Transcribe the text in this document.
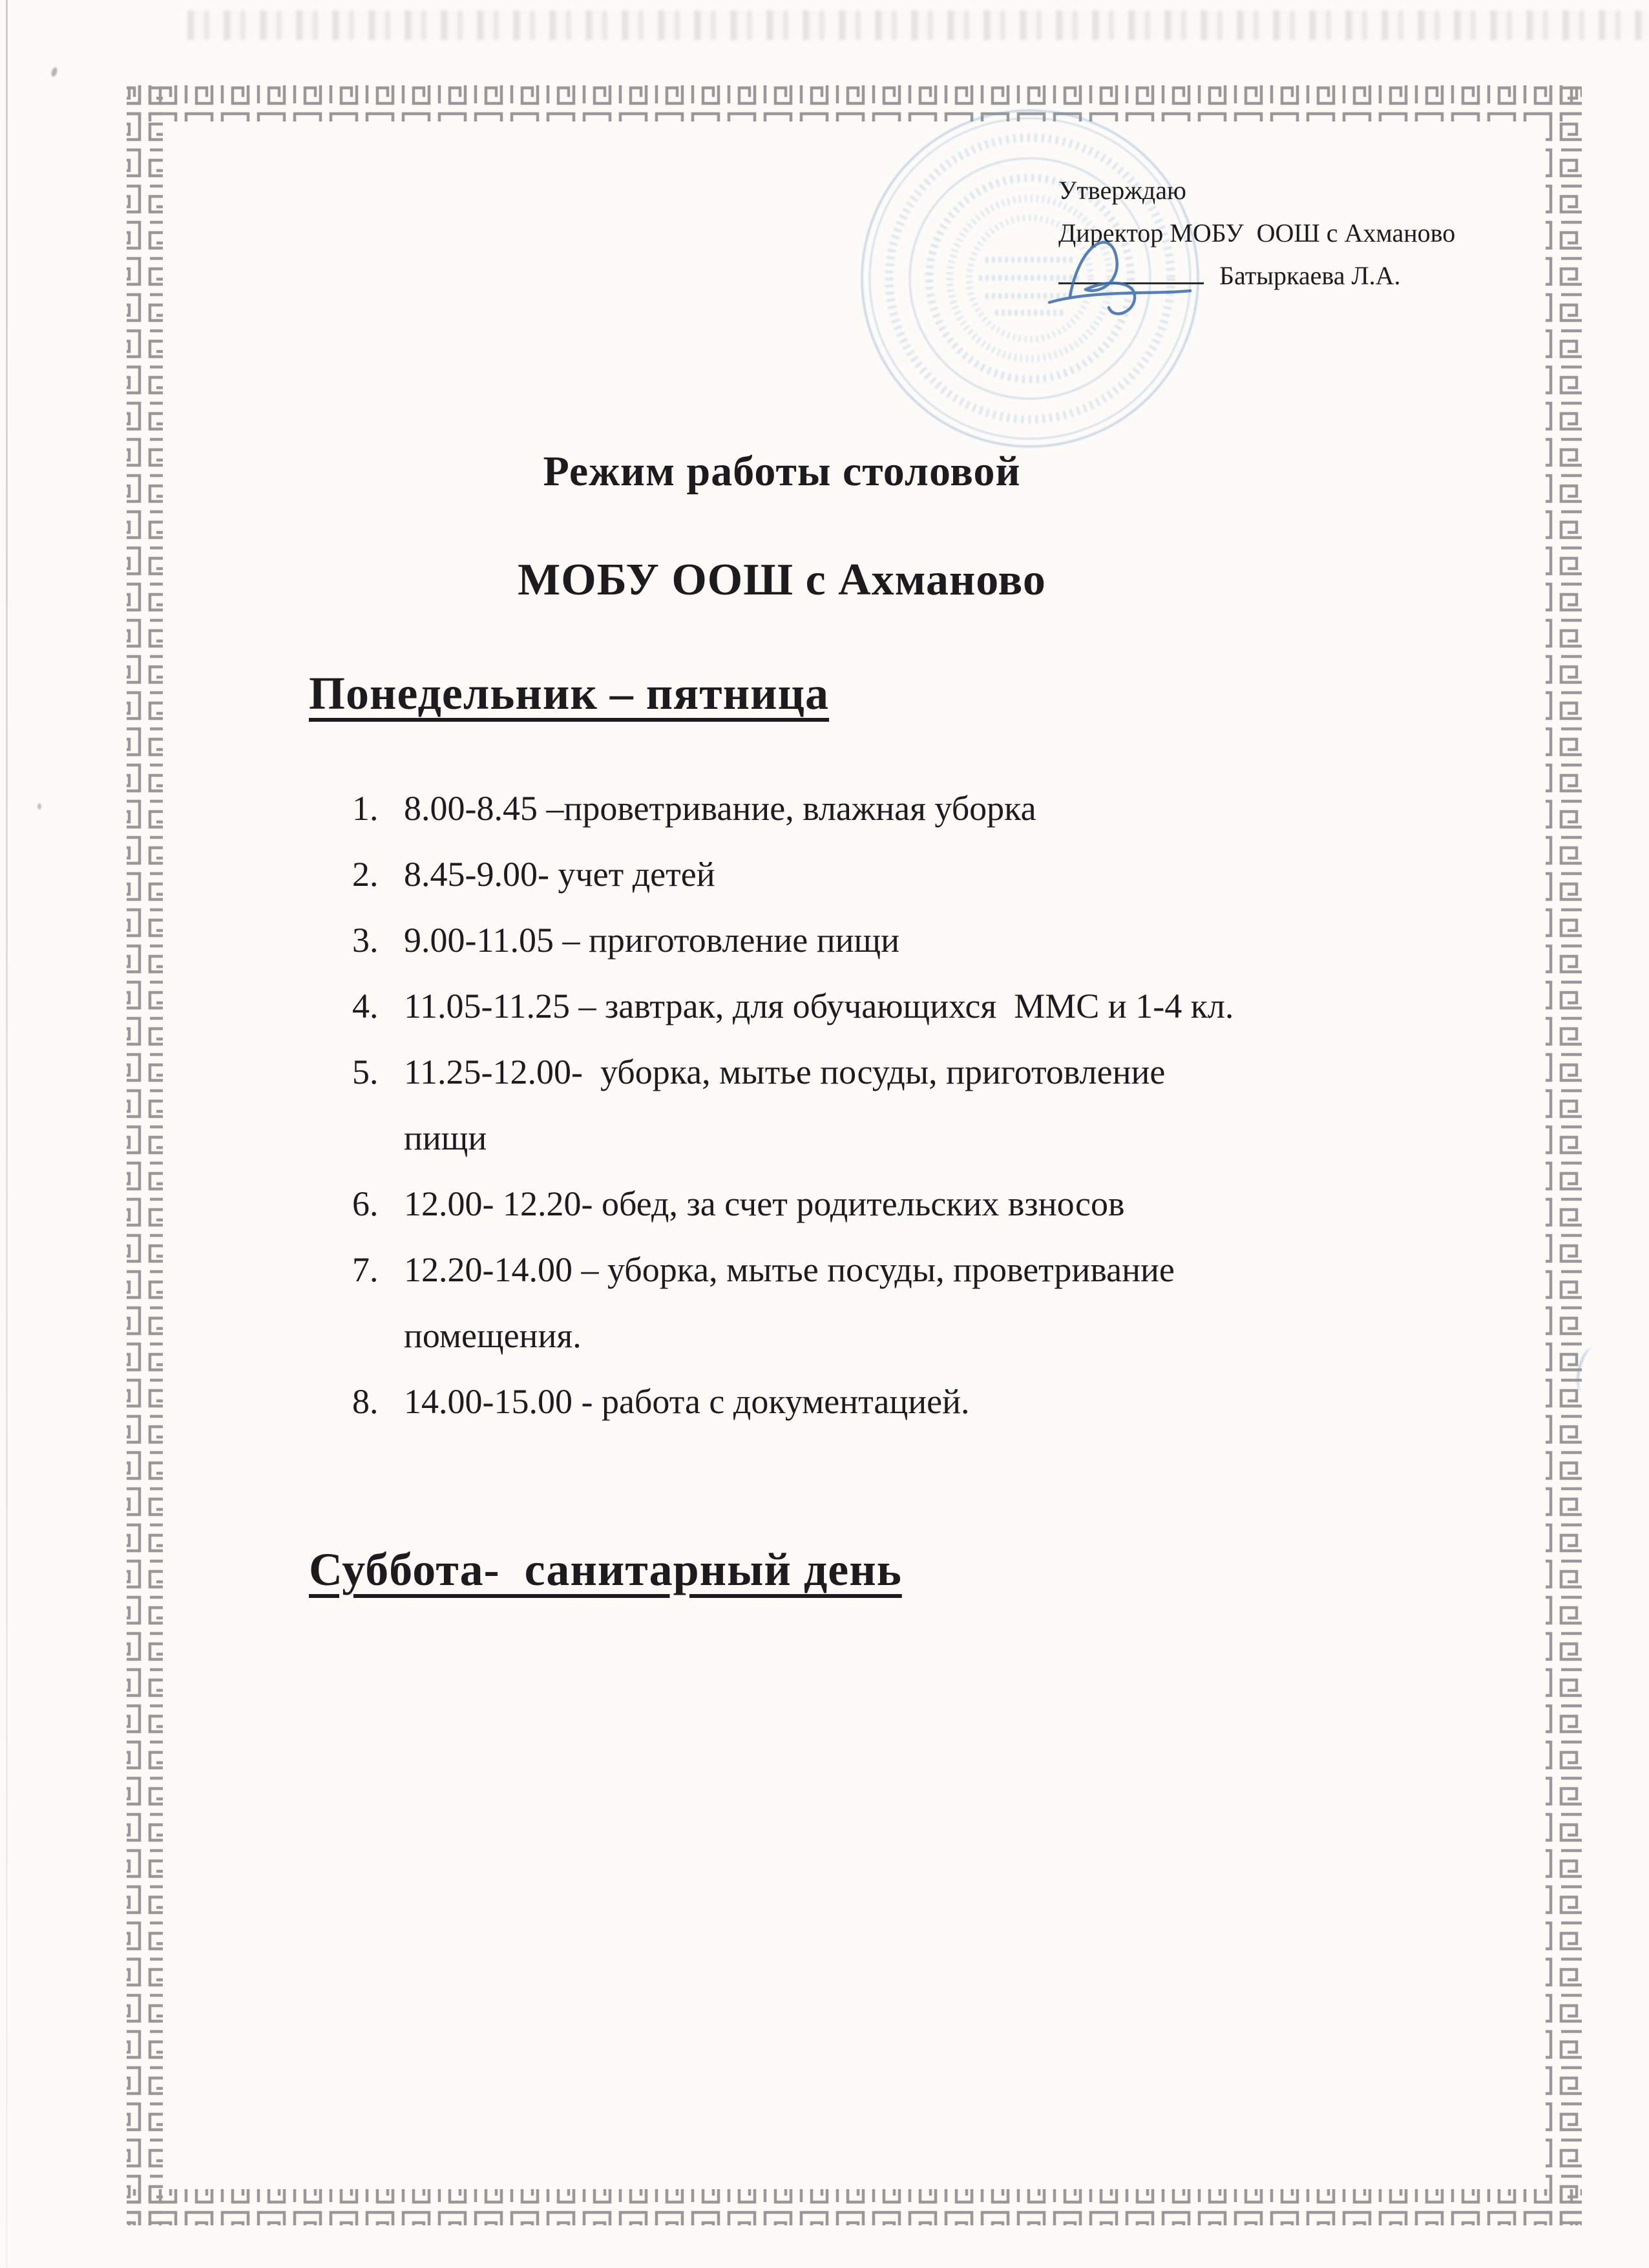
Утверждаю
Директор МОБУ  ООШ с Ахманово
Батыркаева Л.А.
Режим работы столовой
МОБУ ООШ с Ахманово
Понедельник – пятница
1. 8.00-8.45 –проветривание, влажная уборка
2. 8.45-9.00- учет детей
3. 9.00-11.05 – приготовление пищи
4. 11.05-11.25 – завтрак, для обучающихся  ММС и 1-4 кл.
5. 11.25-12.00-  уборка, мытье посуды, приготовление
пищи
6. 12.00- 12.20- обед, за счет родительских взносов
7. 12.20-14.00 – уборка, мытье посуды, проветривание
помещения.
8. 14.00-15.00 - работа с документацией.
Суббота-  санитарный день
